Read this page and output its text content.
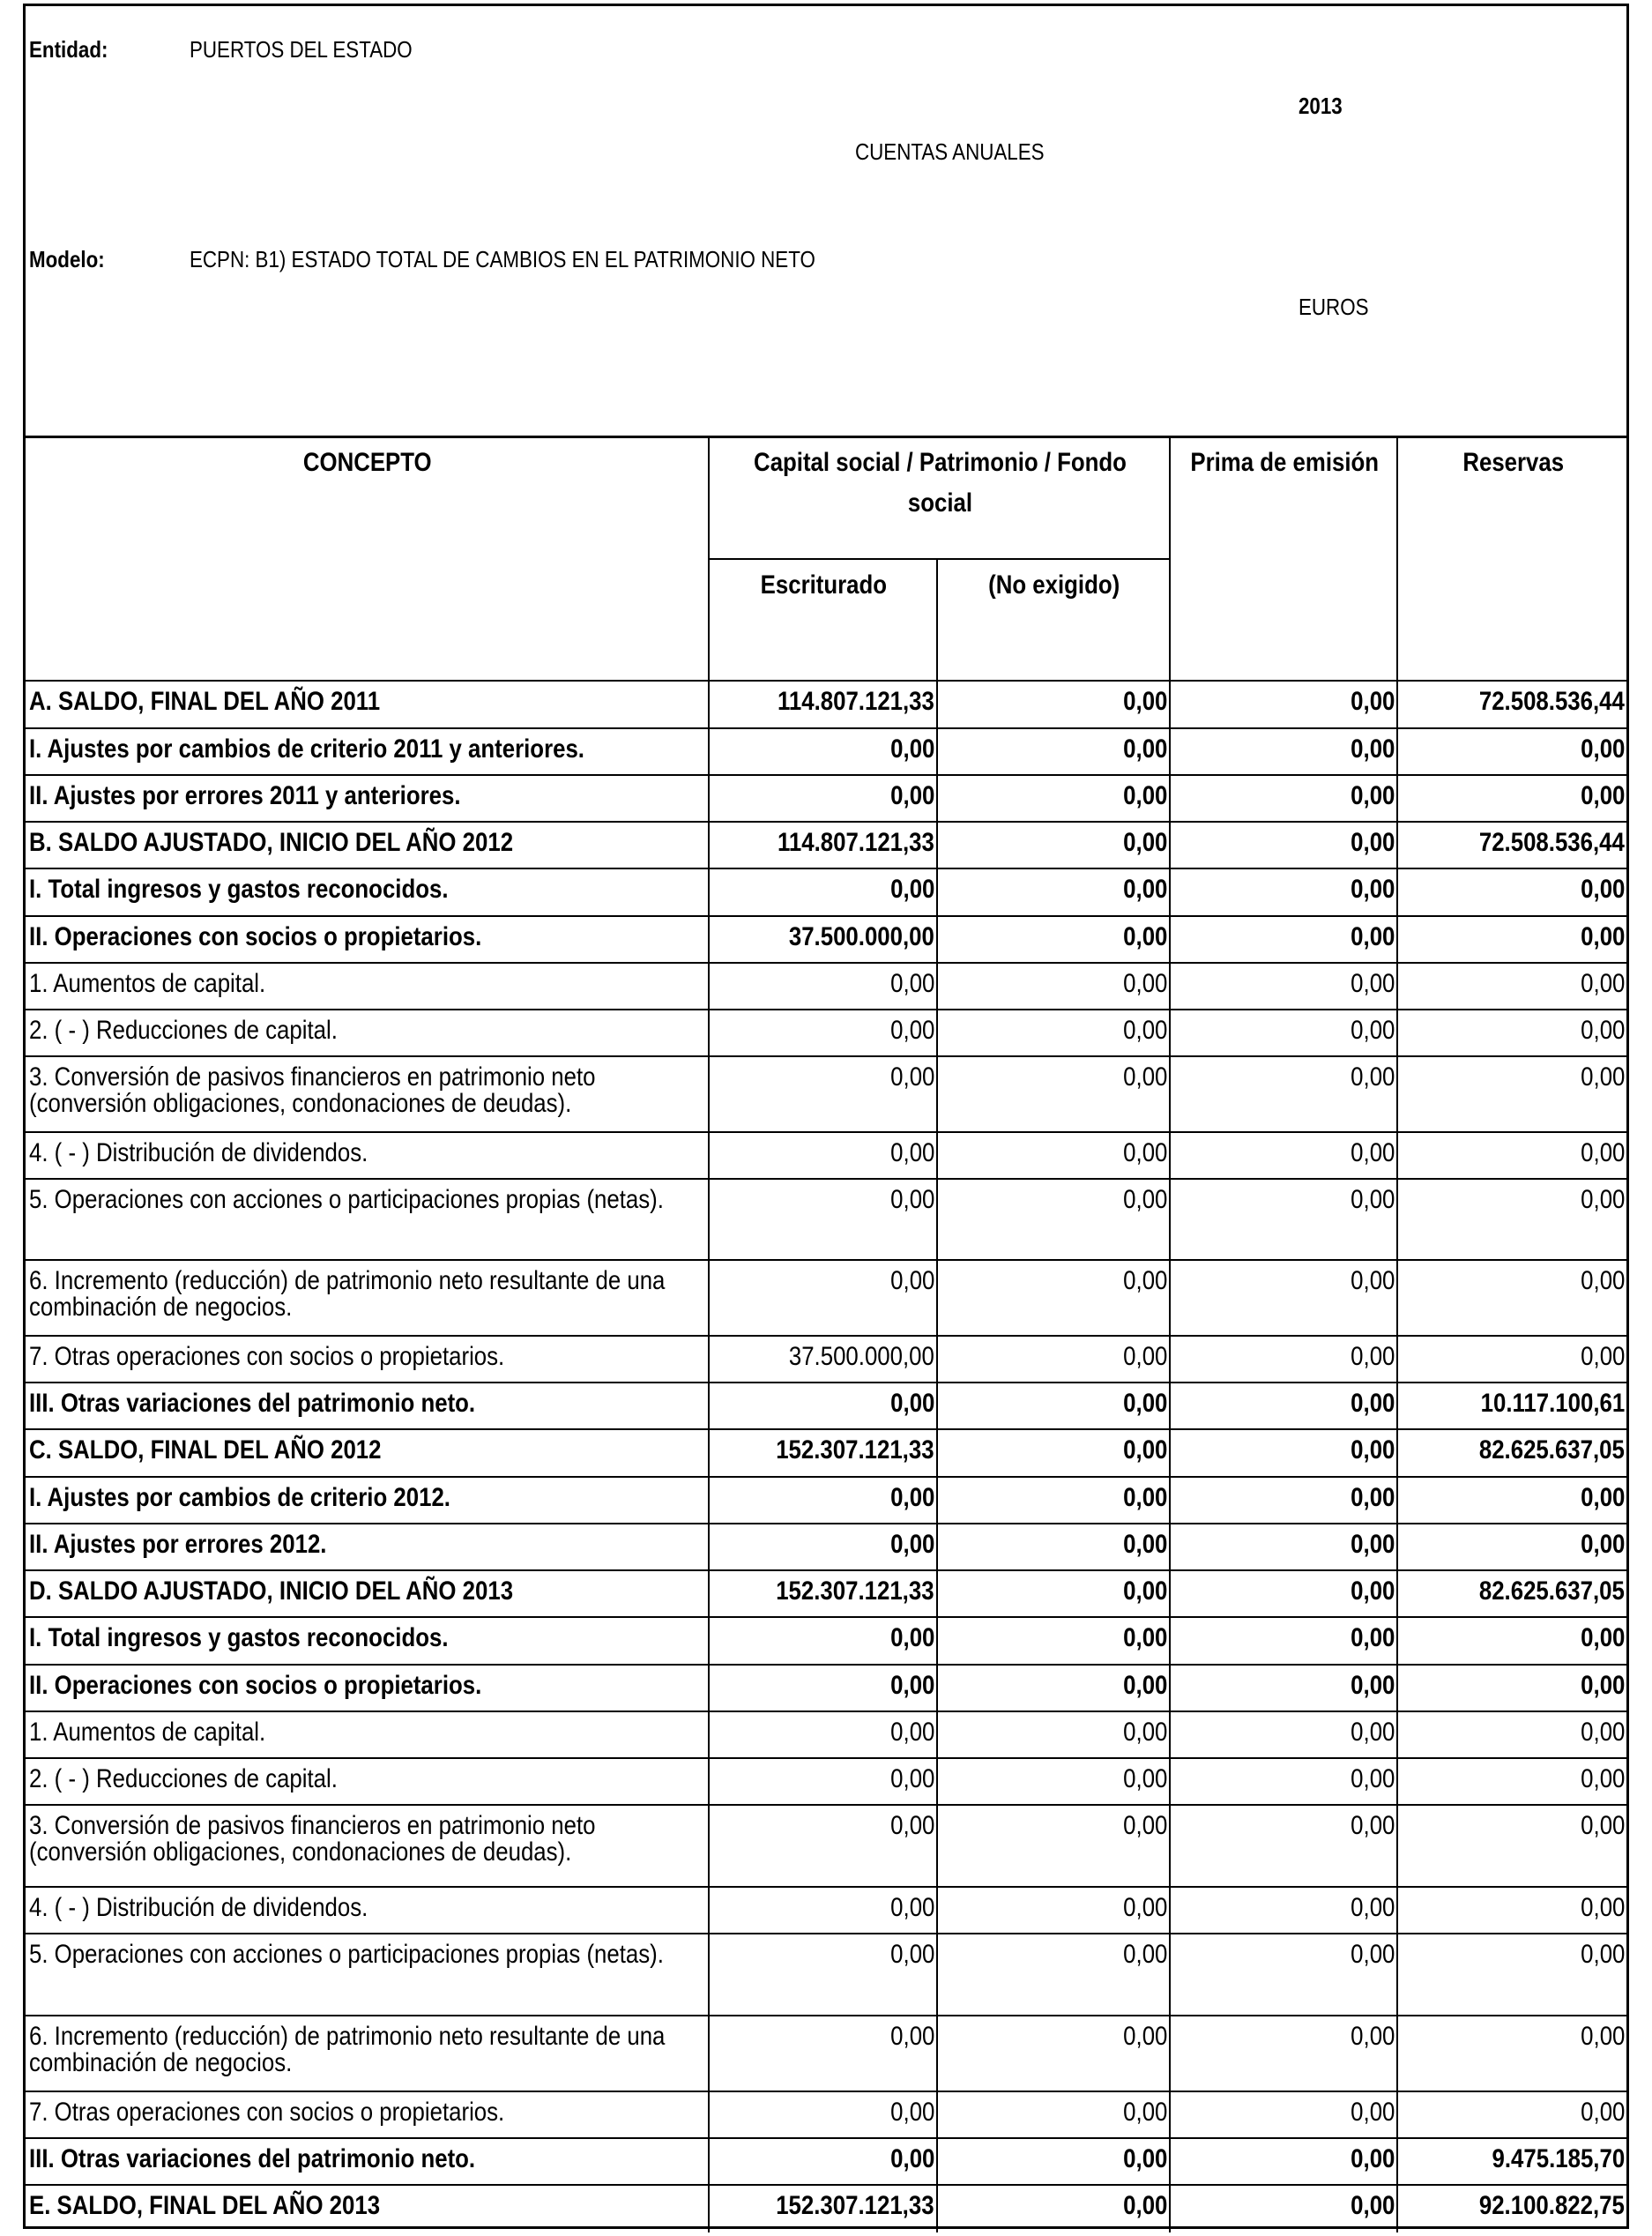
Entidad:	PUERTOS DEL ESTADO
2013
CUENTAS ANUALES
Modelo:	ECPN: B1) ESTADO TOTAL DE CAMBIOS EN EL PATRIMONIO NETO
EUROS
CONCEPTO	Capital social / Patrimonio / Fondo social		Prima de emisión	Reservas
	Escriturado	(No exigido)		
A. SALDO, FINAL DEL AÑO 2011	114.807.121,33	0,00	0,00	72.508.536,44
I. Ajustes por cambios de criterio 2011 y anteriores.	0,00	0,00	0,00	0,00
II. Ajustes por errores 2011 y anteriores.	0,00	0,00	0,00	0,00
B. SALDO AJUSTADO, INICIO DEL AÑO 2012	114.807.121,33	0,00	0,00	72.508.536,44
I. Total ingresos y gastos reconocidos.	0,00	0,00	0,00	0,00
II. Operaciones con socios o propietarios.	37.500.000,00	0,00	0,00	0,00
1. Aumentos de capital.	0,00	0,00	0,00	0,00
2. ( - ) Reducciones de capital.	0,00	0,00	0,00	0,00
3. Conversión de pasivos financieros en patrimonio neto (conversión obligaciones, condonaciones de deudas).	0,00	0,00	0,00	0,00
4. ( - ) Distribución de dividendos.	0,00	0,00	0,00	0,00
5. Operaciones con acciones o participaciones propias (netas).	0,00	0,00	0,00	0,00
6. Incremento (reducción) de patrimonio neto resultante de una combinación de negocios.	0,00	0,00	0,00	0,00
7. Otras operaciones con socios o propietarios.	37.500.000,00	0,00	0,00	0,00
III. Otras variaciones del patrimonio neto.	0,00	0,00	0,00	10.117.100,61
C. SALDO, FINAL DEL AÑO 2012	152.307.121,33	0,00	0,00	82.625.637,05
I. Ajustes por cambios de criterio 2012.	0,00	0,00	0,00	0,00
II. Ajustes por errores 2012.	0,00	0,00	0,00	0,00
D. SALDO AJUSTADO, INICIO DEL AÑO 2013	152.307.121,33	0,00	0,00	82.625.637,05
I. Total ingresos y gastos reconocidos.	0,00	0,00	0,00	0,00
II. Operaciones con socios o propietarios.	0,00	0,00	0,00	0,00
1. Aumentos de capital.	0,00	0,00	0,00	0,00
2. ( - ) Reducciones de capital.	0,00	0,00	0,00	0,00
3. Conversión de pasivos financieros en patrimonio neto (conversión obligaciones, condonaciones de deudas).	0,00	0,00	0,00	0,00
4. ( - ) Distribución de dividendos.	0,00	0,00	0,00	0,00
5. Operaciones con acciones o participaciones propias (netas).	0,00	0,00	0,00	0,00
6. Incremento (reducción) de patrimonio neto resultante de una combinación de negocios.	0,00	0,00	0,00	0,00
7. Otras operaciones con socios o propietarios.	0,00	0,00	0,00	0,00
III. Otras variaciones del patrimonio neto.	0,00	0,00	0,00	9.475.185,70
E. SALDO, FINAL DEL AÑO 2013	152.307.121,33	0,00	0,00	92.100.822,75
